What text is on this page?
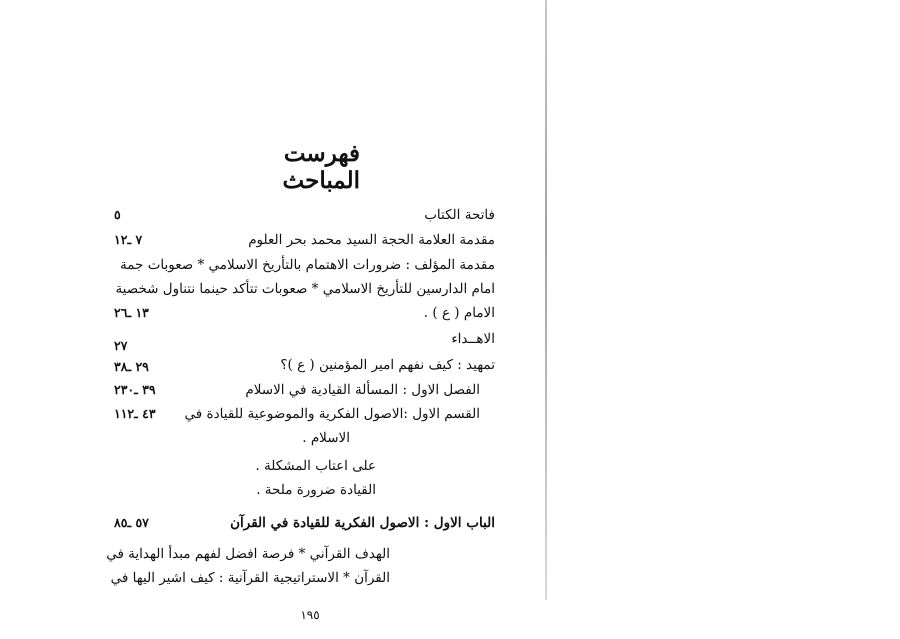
فهرست المباحث
فاتحة الكتاب
٥
مقدمة العلامة الحجة السيد محمد بحر العلوم
٧ ـ١٢
مقدمة المؤلف : ضرورات الاهتمام بالتأريخ الاسلامي * صعوبات جمة
امام الدارسين للتأريخ الاسلامي * صعوبات تتأكد حينما نتناول شخصية
الامام ( ع ) .
١٣ ـ٢٦
الاهــداء
٢٧
تمهيد : كيف نفهم امير المؤمنين ( ع )؟
٢٩ ـ٣٨
الفصل الاول : المسألة القيادية في الاسلام
٣٩ ـ٢٣٠
القسم الاول :الاصول الفكرية والموضوعية للقيادة في
٤٣ ـ١١٢
الاسلام .
على اعتاب المشكلة .
القيادة ضرورة ملحة .
الباب الاول : الاصول الفكرية للقيادة في القرآن
٥٧ ـ٨٥
الهدف القرآني * فرصة افضل لفهم مبدأ الهداية في
القرآن * الاستراتيجية القرآنية : كيف اشير اليها في
١٩٥
